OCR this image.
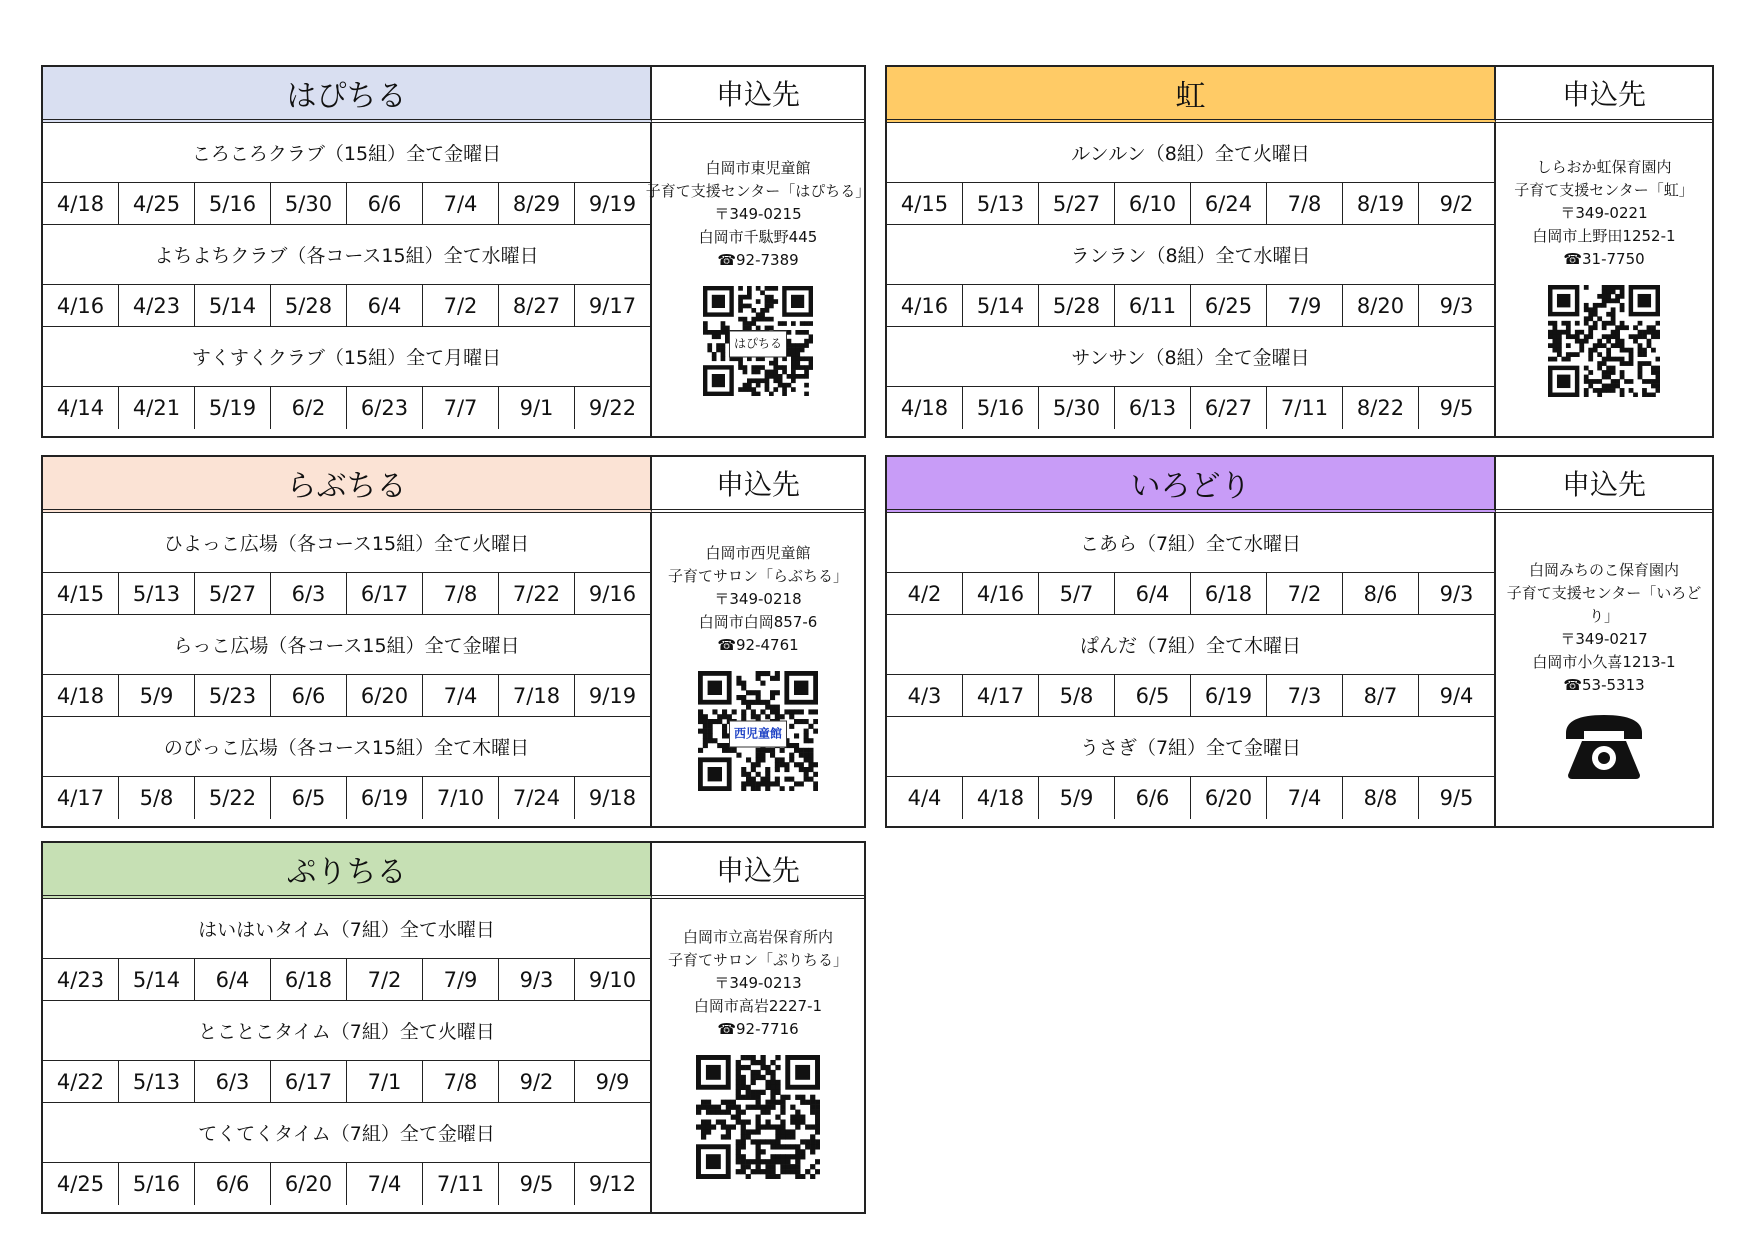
はぴちる	申込先
ころころクラブ（15組）全て金曜日
4/18	4/25	5/16	5/30	6/6	7/4	8/29	9/19
よちよちクラブ（各コース15組）全て水曜日
4/16	4/23	5/14	5/28	6/4	7/2	8/27	9/17
すくすくクラブ（15組）全て月曜日
4/14	4/21	5/19	6/2	6/23	7/7	9/1	9/22
白岡市東児童館
子育て支援センター「はぴちる」
〒349-0215
白岡市千駄野445
☎92-7389
はぴちる
虹	申込先
ルンルン（8組）全て火曜日
4/15	5/13	5/27	6/10	6/24	7/8	8/19	9/2
ランラン（8組）全て水曜日
4/16	5/14	5/28	6/11	6/25	7/9	8/20	9/3
サンサン（8組）全て金曜日
4/18	5/16	5/30	6/13	6/27	7/11	8/22	9/5
しらおか虹保育園内
子育て支援センター「虹」
〒349-0221
白岡市上野田1252-1
☎31-7750
らぶちる	申込先
ひよっこ広場（各コース15組）全て火曜日
4/15	5/13	5/27	6/3	6/17	7/8	7/22	9/16
らっこ広場（各コース15組）全て金曜日
4/18	5/9	5/23	6/6	6/20	7/4	7/18	9/19
のびっこ広場（各コース15組）全て木曜日
4/17	5/8	5/22	6/5	6/19	7/10	7/24	9/18
白岡市西児童館
子育てサロン「らぶちる」
〒349-0218
白岡市白岡857-6
☎92-4761
西児童館
いろどり	申込先
こあら（7組）全て水曜日
4/2	4/16	5/7	6/4	6/18	7/2	8/6	9/3
ぱんだ（7組）全て木曜日
4/3	4/17	5/8	6/5	6/19	7/3	8/7	9/4
うさぎ（7組）全て金曜日
4/4	4/18	5/9	6/6	6/20	7/4	8/8	9/5
白岡みちのこ保育園内
子育て支援センター「いろどり」
〒349-0217
白岡市小久喜1213-1
☎53-5313
ぷりちる	申込先
はいはいタイム（7組）全て水曜日
4/23	5/14	6/4	6/18	7/2	7/9	9/3	9/10
とことこタイム（7組）全て火曜日
4/22	5/13	6/3	6/17	7/1	7/8	9/2	9/9
てくてくタイム（7組）全て金曜日
4/25	5/16	6/6	6/20	7/4	7/11	9/5	9/12
白岡市立高岩保育所内
子育てサロン「ぷりちる」
〒349-0213
白岡市高岩2227-1
☎92-7716
